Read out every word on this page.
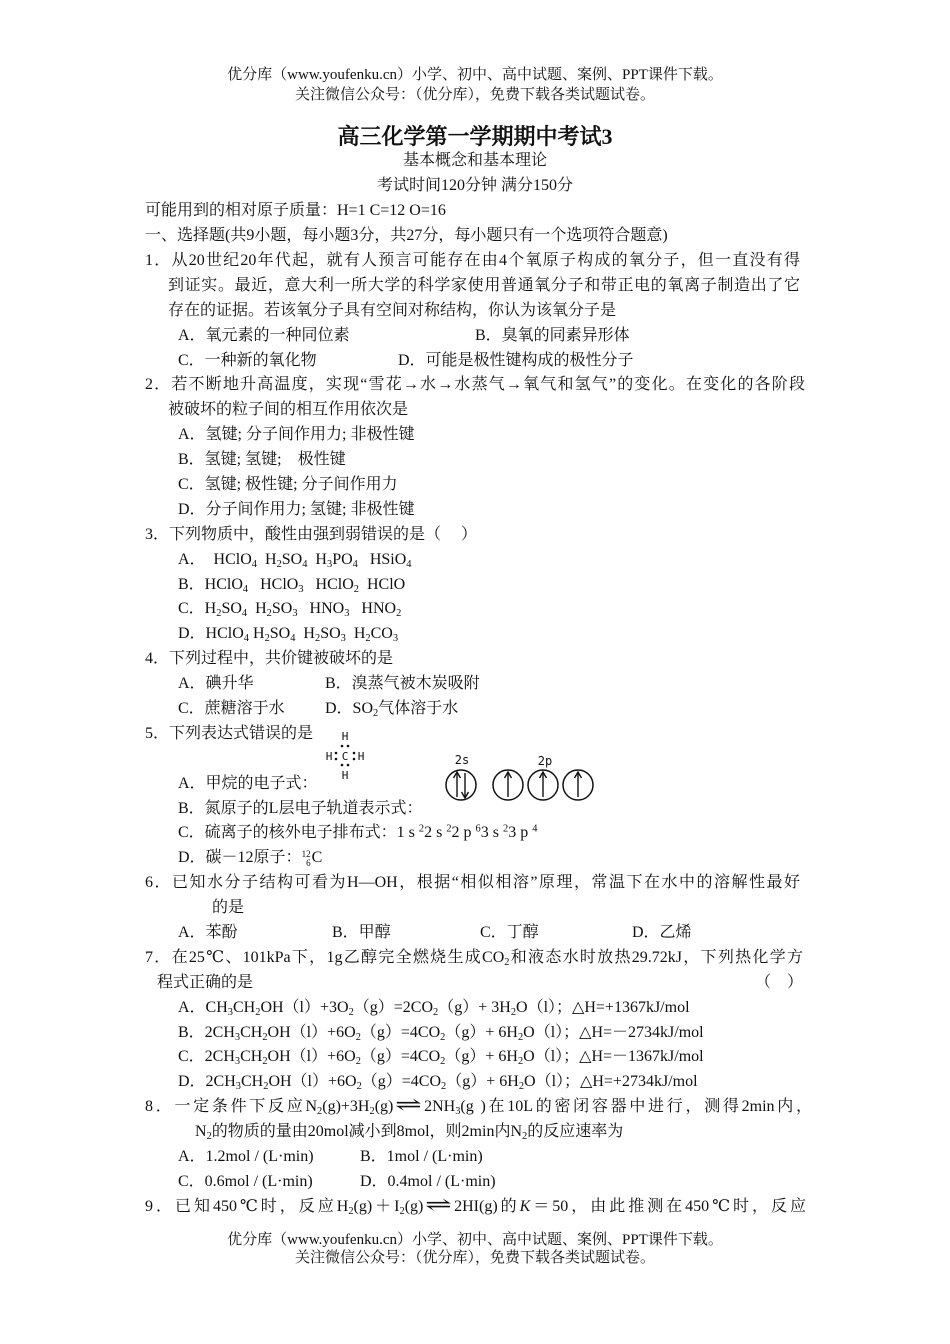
优分库（www.youfenku.cn）小学、初中、高中试题、案例、PPT课件下载。
关注微信公众号：（优分库），免费下载各类试题试卷。
高三化学第一学期期中考试3
基本概念和基本理论
考试时间120分钟 满分150分
可能用到的相对原子质量：H=1 C=12 O=16
一、选择题(共9小题，每小题3分，共27分，每小题只有一个选项符合题意)
1．从20世纪20年代起，就有人预言可能存在由4个氧原子构成的氧分子，但一直没有得
到证实。最近，意大利一所大学的科学家使用普通氧分子和带正电的氧离子制造出了它
存在的证据。若该氧分子具有空间对称结构，你认为该氧分子是

A．氧元素的一种同位素

	B．臭氧的同素异形体

C．一种新的氧化物

	D．可能是极性键构成的极性分子

2．若不断地升高温度，实现“雪花→水→水蒸气→氧气和氢气”的变化。在变化的各阶段
被破坏的粒子间的相互作用依次是
A．氢键; 分子间作用力; 非极性键
B．氢键; 氢键;    极性键
C．氢键; 极性键; 分子间作用力
D．分子间作用力; 氢键; 非极性键
3．下列物质中，酸性由强到弱错误的是（     ）
A．  HClO$_4$  $H_2SO_4$  $H_3PO_4$   HSiO$_4$
B．HClO$_4$   HClO$_3$   HClO$_2$  HClO
C．$H_2SO_4$  $H_2SO_3$   $HNO_3$   $HNO_2$
D．HClO$_4$ $H_2SO_4$  $H_2SO_3$  $H_2CO_3$
4．下列过程中，共价键被破坏的是

A．碘升华

	B．溴蒸气被木炭吸附

C．蔗糖溶于水

	D．$SO_2$气体溶于水

5．下列表达式错误的是
A．甲烷的电子式：
B．氮原子的L层电子轨道表示式：
C．硫离子的核外电子排布式：1 s $^2$2 s $^2$2 p $^6$3 s $^2$3 p $^4$
D．碳－12原子： 12
6 C
6．已知水分子结构可看为H—OH，根据“相似相溶”原理，常温下在水中的溶解性最好
的是

A．苯酚

	B．甲醇

	C．丁醇

	D．乙烯

7．在25℃、101kPa下，1g乙醇完全燃烧生成$CO_2$和液态水时放热29.72kJ，下列热化学方

程式正确的是

	（    ）

A．$CH_3CH_2OH(l)+3O_2(g)=2CO_2(g)+ 3H_2O(l)$；△H=+1367kJ/mol
B．$2CH_3CH_2OH(l)+6O_2(g)=4CO_2(g)+ 6H_2O(l)$；△H=－2734kJ/mol
C．$2CH_3CH_2OH(l)+6O_2(g)=4CO_2(g)+ 6H_2O(l)$；△H=－1367kJ/mol
D．$2CH_3CH_2OH(l)+6O_2(g)=4CO_2(g)+ 6H_2O(l)$；△H=+2734kJ/mol
8．一定条件下反应$N_2(g)+3H_2(g)\rightleftharpoons$ $2NH_3(g$ )在10L的密闭容器中进行，测得2min内，
$N_2$的物质的量由20mol减小到8mol，则2min内$N_2$的反应速率为

A．1.2mol / (L·min)

	B．1mol / (L·min)

C．0.6mol / (L·min)

	D．0.4mol / (L·min)

9．已知450℃时，反应$H_2(g)+I_2(g)\rightleftharpoons$ 2HI(g)的K＝50，由此推测在450℃时，反应
H
H C H
H
2s	2p
优分库（www.youfenku.cn）小学、初中、高中试题、案例、PPT课件下载。
关注微信公众号：（优分库），免费下载各类试题试卷。
